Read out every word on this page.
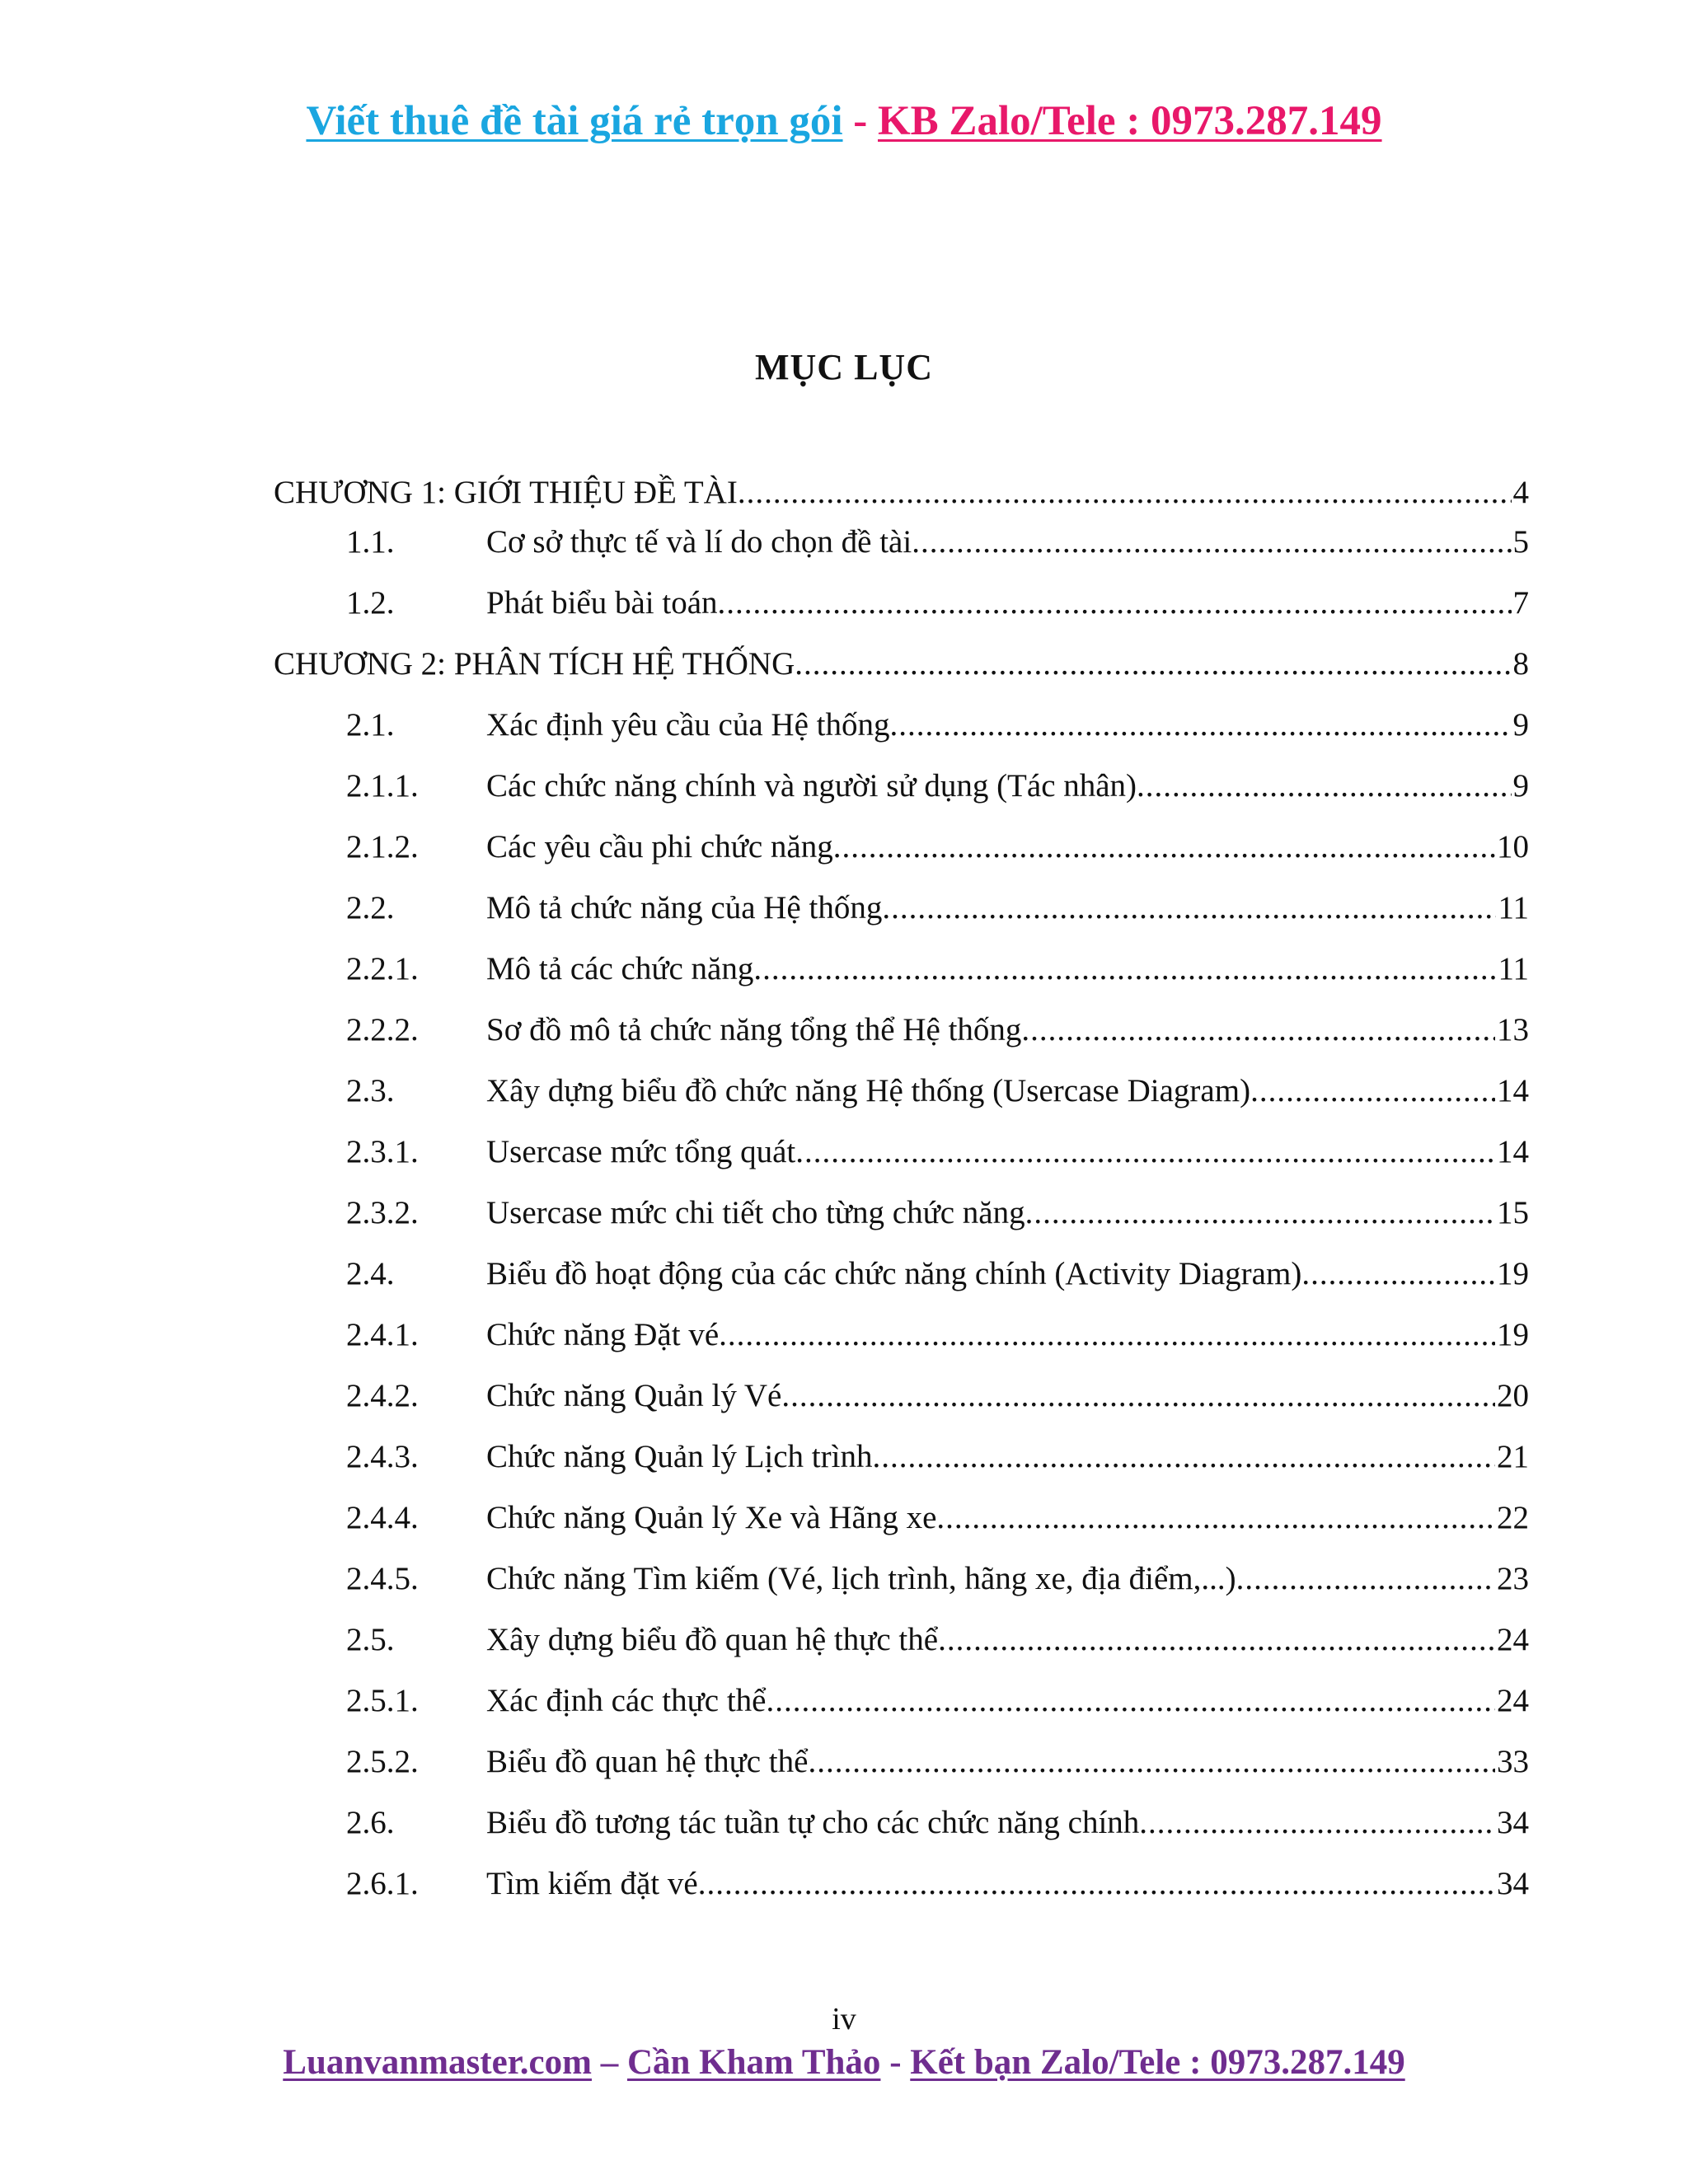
Viết thuê đề tài giá rẻ trọn gói - KB Zalo/Tele : 0973.287.149
MỤC LỤC
CHƯƠNG 1: GIỚI THIỆU ĐỀ TÀI .....	4
1.1.	Cơ sở thực tế và lí do chọn đề tài .....	5
1.2.	Phát biểu bài toán .....	7
CHƯƠNG 2: PHÂN TÍCH HỆ THỐNG .....	8
2.1.	Xác định yêu cầu của Hệ thống .....	9
2.1.1.	Các chức năng chính và người sử dụng (Tác nhân) .....	9
2.1.2.	Các yêu cầu phi chức năng .....	10
2.2.	Mô tả chức năng của Hệ thống .....	11
2.2.1.	Mô tả các chức năng .....	11
2.2.2.	Sơ đồ mô tả chức năng tổng thể Hệ thống .....	13
2.3.	Xây dựng biểu đồ chức năng Hệ thống (Usercase Diagram) .....	14
2.3.1.	Usercase mức tổng quát .....	14
2.3.2.	Usercase mức chi tiết cho từng chức năng .....	15
2.4.	Biểu đồ hoạt động của các chức năng chính (Activity Diagram) .....	19
2.4.1.	Chức năng Đặt vé .....	19
2.4.2.	Chức năng Quản lý Vé .....	20
2.4.3.	Chức năng Quản lý Lịch trình .....	21
2.4.4.	Chức năng Quản lý Xe và Hãng xe .....	22
2.4.5.	Chức năng Tìm kiếm (Vé, lịch trình, hãng xe, địa điểm,...) .....	23
2.5.	Xây dựng biểu đồ quan hệ thực thể .....	24
2.5.1.	Xác định các thực thể .....	24
2.5.2.	Biểu đồ quan hệ thực thể .....	33
2.6.	Biểu đồ tương tác tuần tự cho các chức năng chính .....	34
2.6.1.	Tìm kiếm đặt vé .....	34
iv
Luanvanmaster.com – Cần Kham Thảo - Kết bạn Zalo/Tele : 0973.287.149
